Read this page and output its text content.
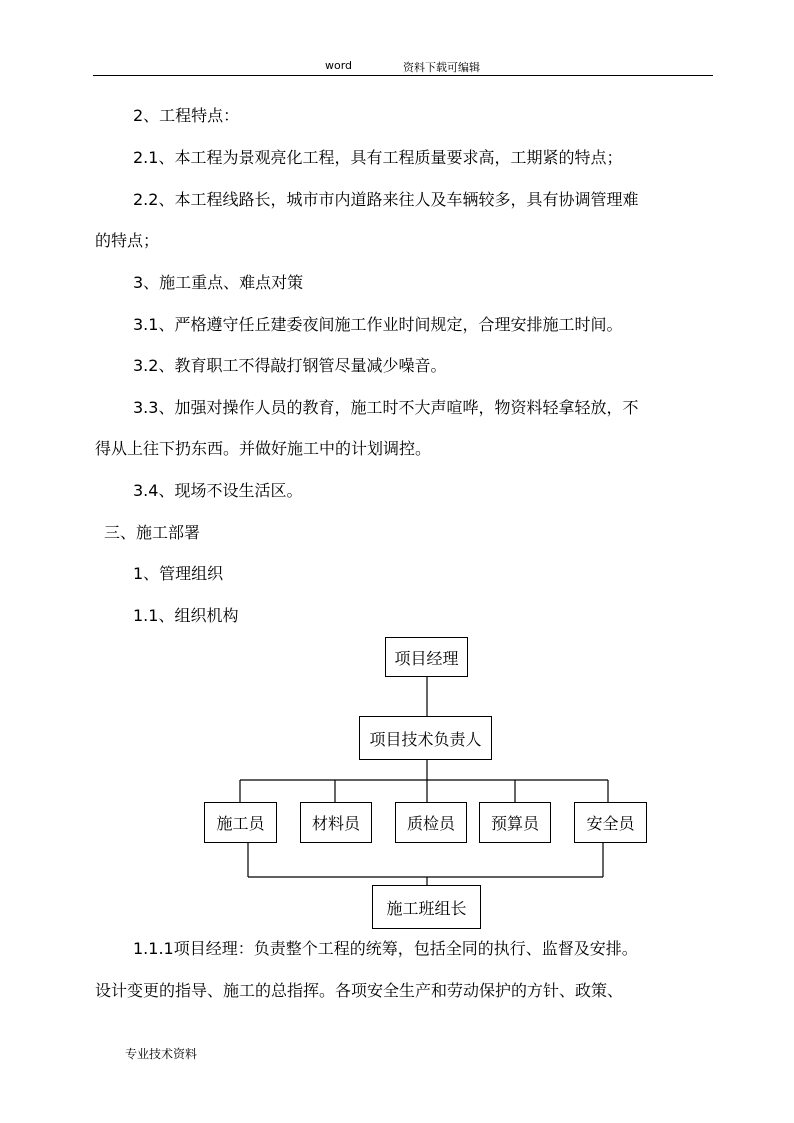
word	资料下载可编辑
2、工程特点：
2.1、本工程为景观亮化工程，具有工程质量要求高，工期紧的特点；
2.2、本工程线路长，城市市内道路来往人及车辆较多，具有协调管理难
的特点；
3、施工重点、难点对策
3.1、严格遵守任丘建委夜间施工作业时间规定，合理安排施工时间。
3.2、教育职工不得敲打钢管尽量减少噪音。
3.3、加强对操作人员的教育，施工时不大声喧哗，物资料轻拿轻放，不
得从上往下扔东西。并做好施工中的计划调控。
3.4、现场不设生活区。
三、施工部署
1、管理组织
1.1、组织机构
项目经理
项目技术负责人
施工员	材料员	质检员	预算员	安全员
施工班组长
1.1.1项目经理：负责整个工程的统筹，包括全同的执行、监督及安排。
设计变更的指导、施工的总指挥。各项安全生产和劳动保护的方针、政策、
专业技术资料
